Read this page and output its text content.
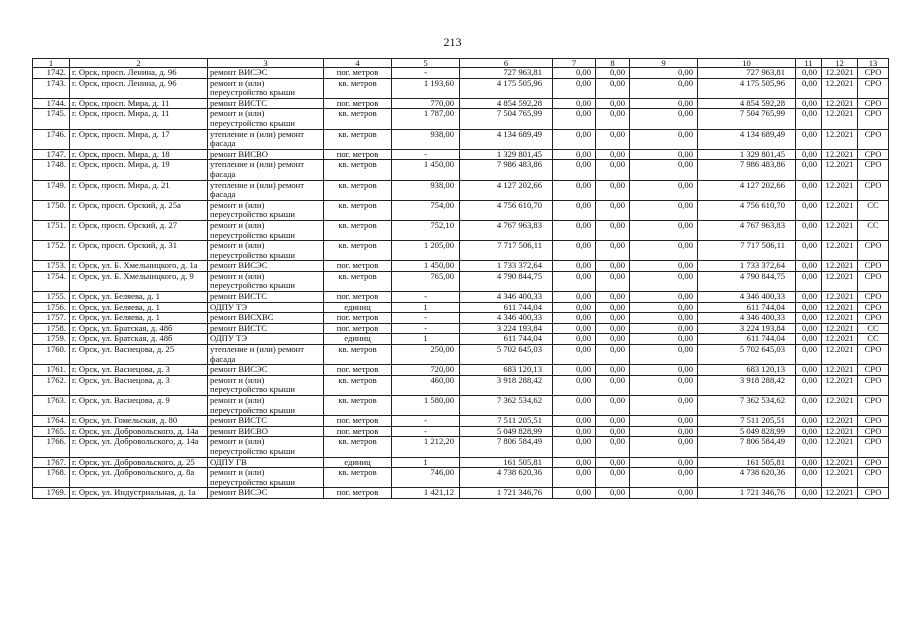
213
1	2	3	4	5	6	7	8	9	10	11	12	13
1742.	г. Орск, просп. Ленина, д. 96	ремонт ВИСЭС	пог. метров	-	727 963,81	0,00	0,00	0,00	727 963,81	0,00	12.2021	СРО
1743.	г. Орск, просп. Ленина, д. 96	ремонт и (или) переустройство крыши	кв. метров	1 193,60	4 175 505,96	0,00	0,00	0,00	4 175 505,96	0,00	12.2021	СРО
1744.	г. Орск, просп. Мира, д. 11	ремонт ВИСТС	пог. метров	770,00	4 854 592,28	0,00	0,00	0,00	4 854 592,28	0,00	12.2021	СРО
1745.	г. Орск, просп. Мира, д. 11	ремонт и (или) переустройство крыши	кв. метров	1 787,00	7 504 765,99	0,00	0,00	0,00	7 504 765,99	0,00	12.2021	СРО
1746.	г. Орск, просп. Мира, д. 17	утепление и (или) ремонт фасада	кв. метров	938,00	4 134 689,49	0,00	0,00	0,00	4 134 689,49	0,00	12.2021	СРО
1747.	г. Орск, просп. Мира, д. 18	ремонт ВИСВО	пог. метров	-	1 329 801,45	0,00	0,00	0,00	1 329 801,45	0,00	12.2021	СРО
1748.	г. Орск, просп. Мира, д. 19	утепление и (или) ремонт фасада	кв. метров	1 450,00	7 986 483,86	0,00	0,00	0,00	7 986 483,86	0,00	12.2021	СРО
1749.	г. Орск, просп. Мира, д. 21	утепление и (или) ремонт фасада	кв. метров	938,00	4 127 202,66	0,00	0,00	0,00	4 127 202,66	0,00	12.2021	СРО
1750.	г. Орск, просп. Орский, д. 25а	ремонт и (или) переустройство крыши	кв. метров	754,00	4 756 610,70	0,00	0,00	0,00	4 756 610,70	0,00	12.2021	СС
1751.	г. Орск, просп. Орский, д. 27	ремонт и (или) переустройство крыши	кв. метров	752,10	4 767 963,83	0,00	0,00	0,00	4 767 963,83	0,00	12.2021	СС
1752.	г. Орск, просп. Орский, д. 31	ремонт и (или) переустройство крыши	кв. метров	1 205,00	7 717 506,11	0,00	0,00	0,00	7 717 506,11	0,00	12.2021	СРО
1753.	г. Орск, ул. Б. Хмельницкого, д. 1а	ремонт ВИСЭС	пог. метров	1 450,00	1 733 372,64	0,00	0,00	0,00	1 733 372,64	0,00	12.2021	СРО
1754.	г. Орск, ул. Б. Хмельницкого, д. 9	ремонт и (или) переустройство крыши	кв. метров	765,00	4 790 844,75	0,00	0,00	0,00	4 790 844,75	0,00	12.2021	СРО
1755.	г. Орск, ул. Беляева, д. 1	ремонт ВИСТС	пог. метров	-	4 346 400,33	0,00	0,00	0,00	4 346 400,33	0,00	12.2021	СРО
1756.	г. Орск, ул. Беляева, д. 1	ОДПУ ТЭ	единиц	1	611 744,04	0,00	0,00	0,00	611 744,04	0,00	12.2021	СРО
1757.	г. Орск, ул. Беляева, д. 1	ремонт ВИСХВС	пог. метров	-	4 346 400,33	0,00	0,00	0,00	4 346 400,33	0,00	12.2021	СРО
1758.	г. Орск, ул. Братская, д. 48б	ремонт ВИСТС	пог. метров	-	3 224 193,84	0,00	0,00	0,00	3 224 193,84	0,00	12.2021	СС
1759.	г. Орск, ул. Братская, д. 48б	ОДПУ ТЭ	единиц	1	611 744,04	0,00	0,00	0,00	611 744,04	0,00	12.2021	СС
1760.	г. Орск, ул. Васнецова, д. 25	утепление и (или) ремонт фасада	кв. метров	250,00	5 702 645,03	0,00	0,00	0,00	5 702 645,03	0,00	12.2021	СРО
1761.	г. Орск, ул. Васнецова, д. 3	ремонт ВИСЭС	пог. метров	720,00	683 120,13	0,00	0,00	0,00	683 120,13	0,00	12.2021	СРО
1762.	г. Орск, ул. Васнецова, д. 3	ремонт и (или) переустройство крыши	кв. метров	460,00	3 918 288,42	0,00	0,00	0,00	3 918 288,42	0,00	12.2021	СРО
1763.	г. Орск, ул. Васнецова, д. 9	ремонт и (или) переустройство крыши	кв. метров	1 580,00	7 362 534,62	0,00	0,00	0,00	7 362 534,62	0,00	12.2021	СРО
1764.	г. Орск, ул. Гомельская, д. 80	ремонт ВИСТС	пог. метров	-	7 511 205,51	0,00	0,00	0,00	7 511 205,51	0,00	12.2021	СРО
1765.	г. Орск, ул. Добровольского, д. 14а	ремонт ВИСВО	пог. метров	-	5 049 828,99	0,00	0,00	0,00	5 049 828,99	0,00	12.2021	СРО
1766.	г. Орск, ул. Добровольского, д. 14а	ремонт и (или) переустройство крыши	кв. метров	1 212,20	7 806 584,49	0,00	0,00	0,00	7 806 584,49	0,00	12.2021	СРО
1767.	г. Орск, ул. Добровольского, д. 25	ОДПУ ГВ	единиц	1	161 505,81	0,00	0,00	0,00	161 505,81	0,00	12.2021	СРО
1768.	г. Орск, ул. Добровольского, д. 8а	ремонт и (или) переустройство крыши	кв. метров	746,00	4 738 620,36	0,00	0,00	0,00	4 738 620,36	0,00	12.2021	СРО
1769.	г. Орск, ул. Индустриальная, д. 1а	ремонт ВИСЭС	пог. метров	1 421,12	1 721 346,76	0,00	0,00	0,00	1 721 346,76	0,00	12.2021	СРО
